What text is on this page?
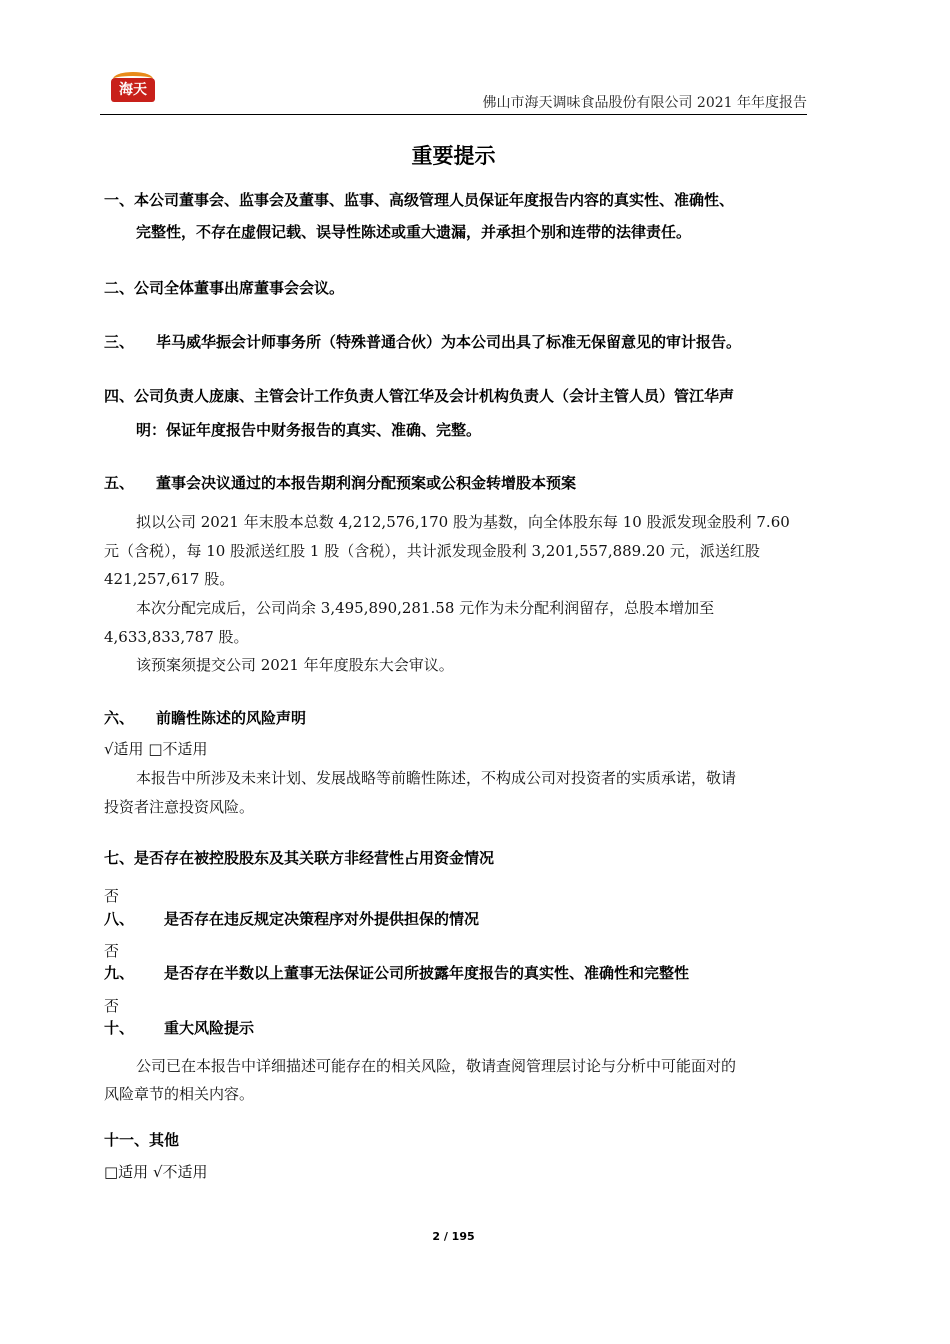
海天
佛山市海天调味食品股份有限公司 2021 年年度报告
重要提示
一、本公司董事会、监事会及董事、监事、高级管理人员保证年度报告内容的真实性、准确性、
完整性，不存在虚假记载、误导性陈述或重大遗漏，并承担个别和连带的法律责任。
二、公司全体董事出席董事会会议。
三、 毕马威华振会计师事务所（特殊普通合伙）为本公司出具了标准无保留意见的审计报告。
四、公司负责人庞康、主管会计工作负责人管江华及会计机构负责人（会计主管人员）管江华声
明：保证年度报告中财务报告的真实、准确、完整。
五、 董事会决议通过的本报告期利润分配预案或公积金转增股本预案
拟以公司 2021 年末股本总数 4,212,576,170 股为基数，向全体股东每 10 股派发现金股利 7.60
元（含税），每 10 股派送红股 1 股（含税），共计派发现金股利 3,201,557,889.20 元，派送红股
421,257,617 股。
本次分配完成后，公司尚余 3,495,890,281.58 元作为未分配利润留存，总股本增加至
4,633,833,787 股。
该预案须提交公司 2021 年年度股东大会审议。
六、 前瞻性陈述的风险声明
√适用 □不适用
本报告中所涉及未来计划、发展战略等前瞻性陈述，不构成公司对投资者的实质承诺，敬请
投资者注意投资风险。
七、是否存在被控股股东及其关联方非经营性占用资金情况
否
八、 是否存在违反规定决策程序对外提供担保的情况
否
九、 是否存在半数以上董事无法保证公司所披露年度报告的真实性、准确性和完整性
否
十、 重大风险提示
公司已在本报告中详细描述可能存在的相关风险，敬请查阅管理层讨论与分析中可能面对的
风险章节的相关内容。
十一、其他
□适用 √不适用
2 / 195
